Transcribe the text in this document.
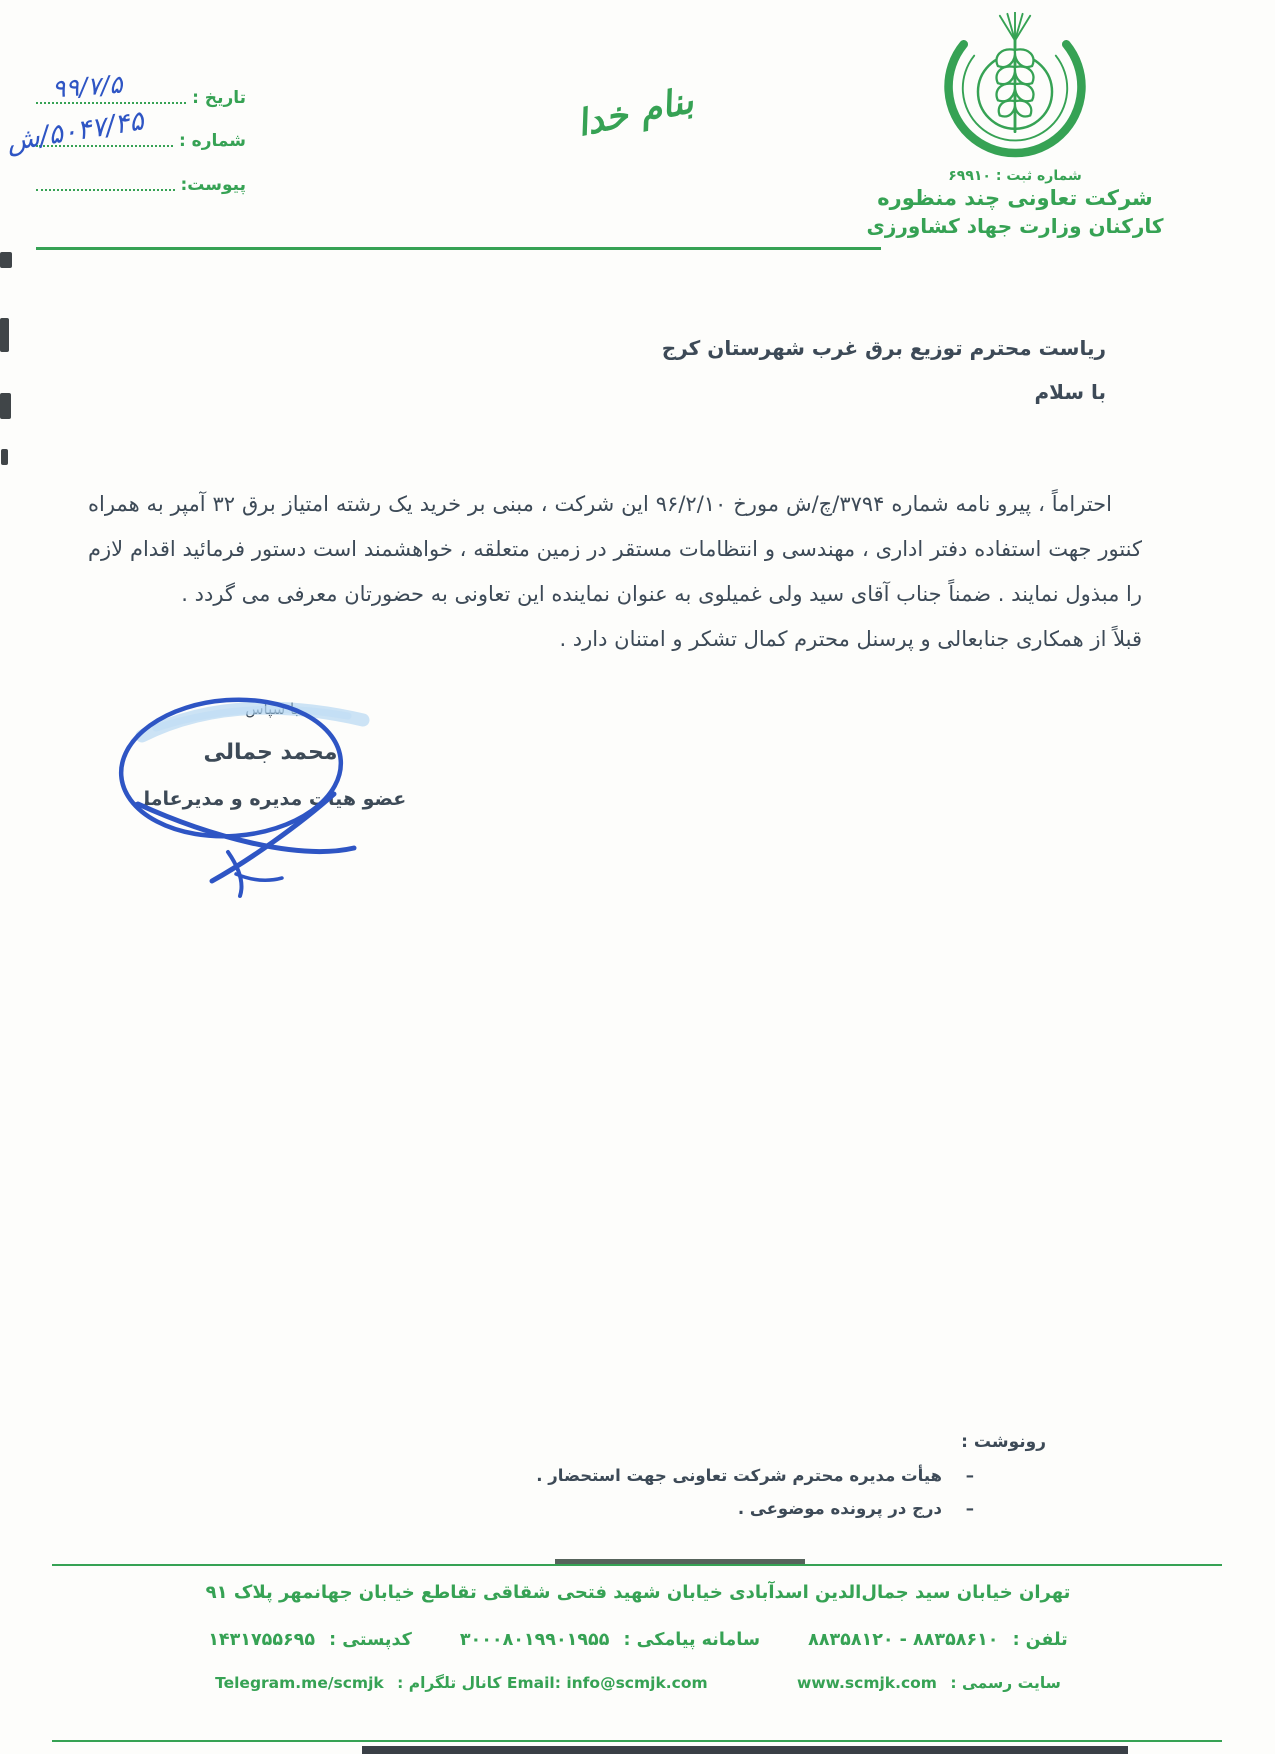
تاریخ :
۹۹/۷/۵
شماره :
۵۰۴۷/۴۵/ش
پیوست:
بنام خدا
شماره ثبت : ۶۹۹۱۰
شرکت تعاونی چند منظوره
کارکنان وزارت جهاد کشاورزی
ریاست محترم توزیع برق غرب شهرستان کرج
با سلام

احتراماً ، پیرو نامه شماره ۳۷۹۴/چ/ش مورخ ۹۶/۲/۱۰ این شرکت ، مبنی بر خرید یک رشته امتیاز برق ۳۲ آمپر به همراه کنتور جهت استفاده دفتر اداری ، مهندسی و انتظامات مستقر در زمین متعلقه ، خواهشمند است دستور فرمائید اقدام لازم را مبذول نمایند . ضمناً جناب آقای سید ولی غمیلوی به عنوان نماینده این تعاونی به حضورتان معرفی می گردد .

قبلاً از همکاری جنابعالی و پرسنل محترم کمال تشکر و امتنان دارد .

با سپاس
محمد جمالی
عضو هیات مدیره و مدیرعامل
رونوشت :
–
هیأت مدیره محترم شرکت تعاونی جهت استحضار .
–
درج در پرونده موضوعی .
تهران خیابان سید جمال‌الدین اسدآبادی خیابان شهید فتحی شقاقی تقاطع خیابان جهانمهر پلاک ۹۱
تلفن : ۸۸۳۵۸۱۲۰ - ۸۸۳۵۸۶۱۰ سامانه پیامکی : ۳۰۰۰۸۰۱۹۹۰۱۹۵۵ کدپستی : ۱۴۳۱۷۵۵۶۹۵
سایت رسمی : www.scmjk.com Email: info@scmjk.com کانال تلگرام : Telegram.me/scmjk
